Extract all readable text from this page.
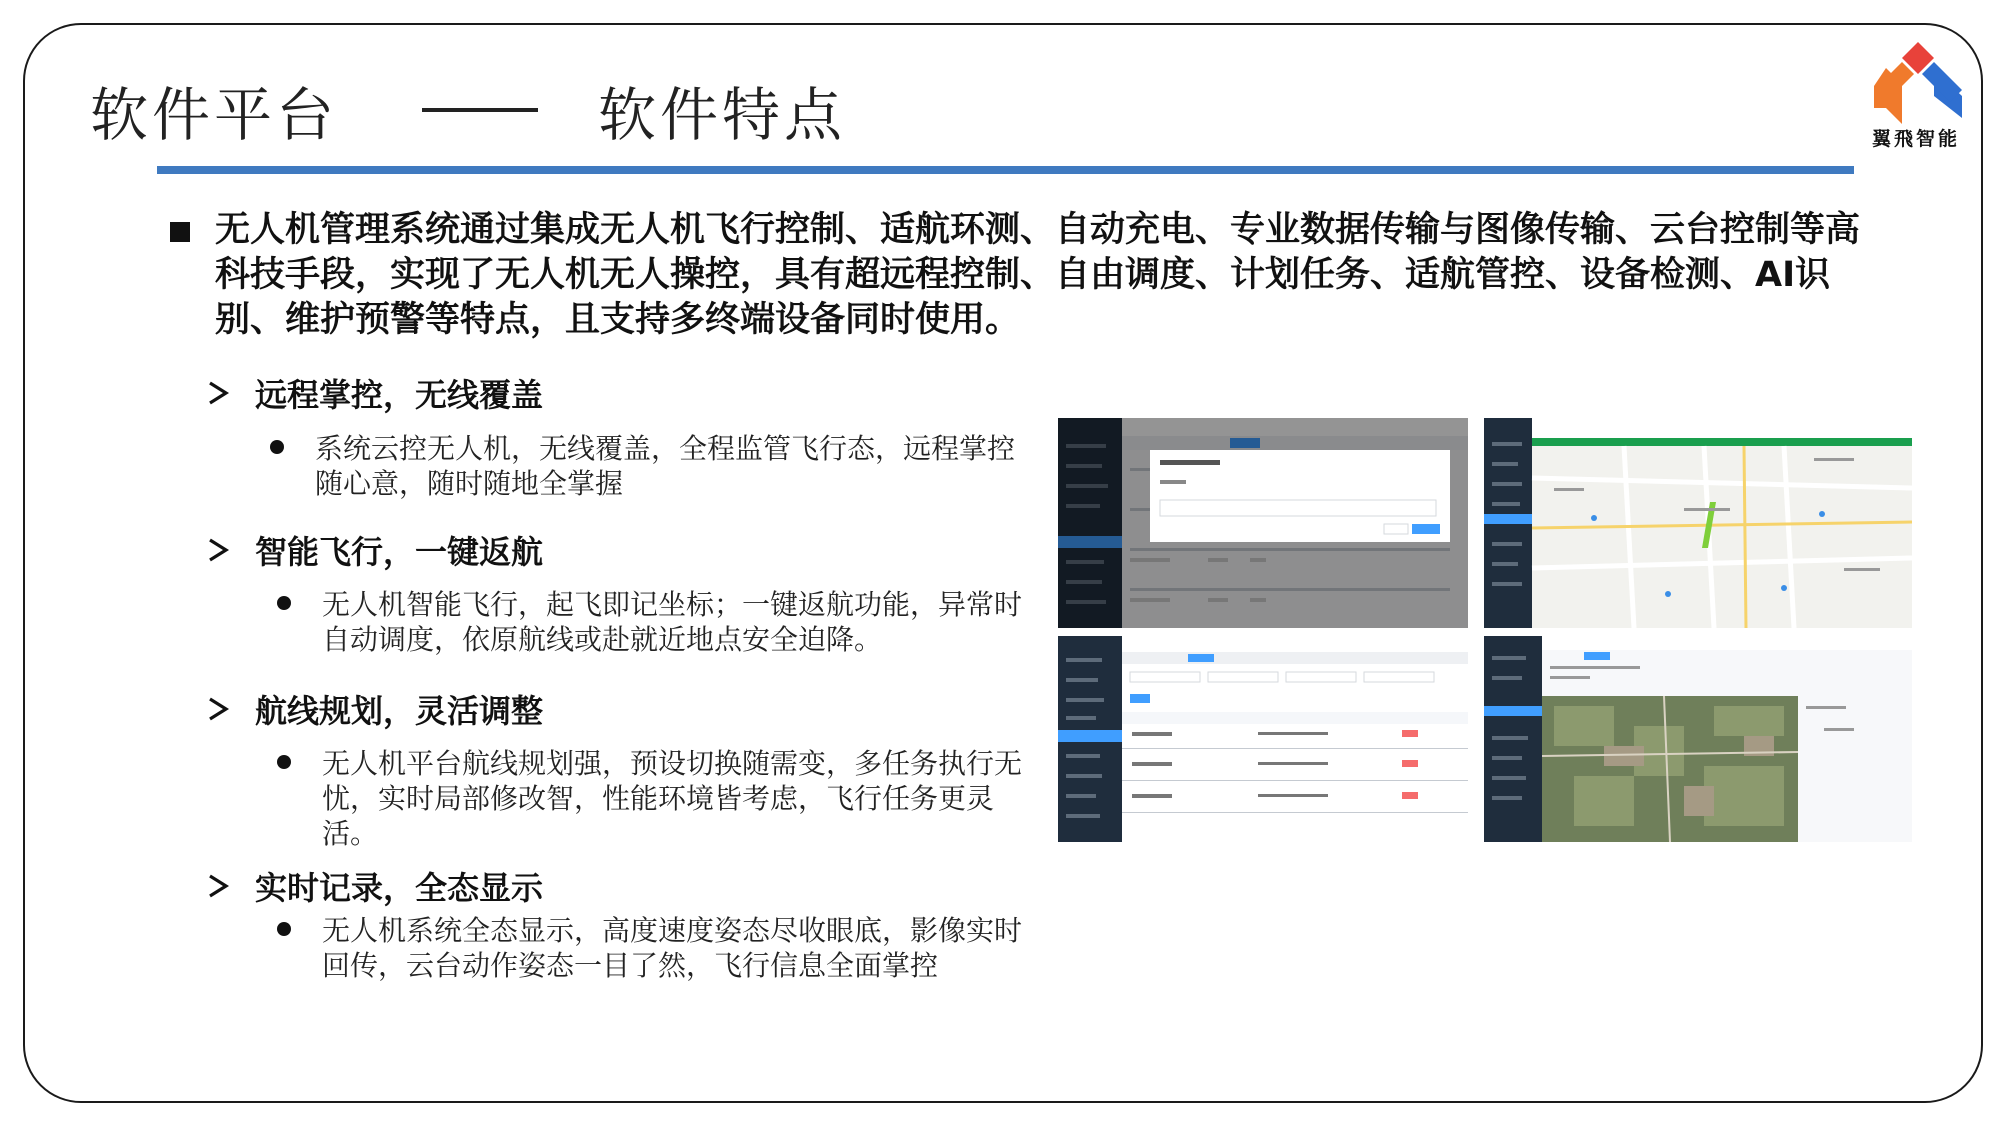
软件平台	软件特点	翼飛智能
无人机管理系统通过集成无人机飞行控制、适航环测、自动充电、专业数据传输与图像传输、云台控制等高科技手段，实现了无人机无人操控，具有超远程控制、自由调度、计划任务、适航管控、设备检测、AI识别、维护预警等特点，且支持多终端设备同时使用。
远程掌控，无线覆盖
系统云控无人机，无线覆盖，全程监管飞行态，远程掌控随心意，随时随地全掌握
智能飞行，一键返航
无人机智能飞行，起飞即记坐标；一键返航功能，异常时自动调度，依原航线或赴就近地点安全迫降。
航线规划，灵活调整
无人机平台航线规划强，预设切换随需变，多任务执行无忧，实时局部修改智，性能环境皆考虑，飞行任务更灵活。
实时记录，全态显示
无人机系统全态显示，高度速度姿态尽收眼底，影像实时回传，云台动作姿态一目了然，飞行信息全面掌控
